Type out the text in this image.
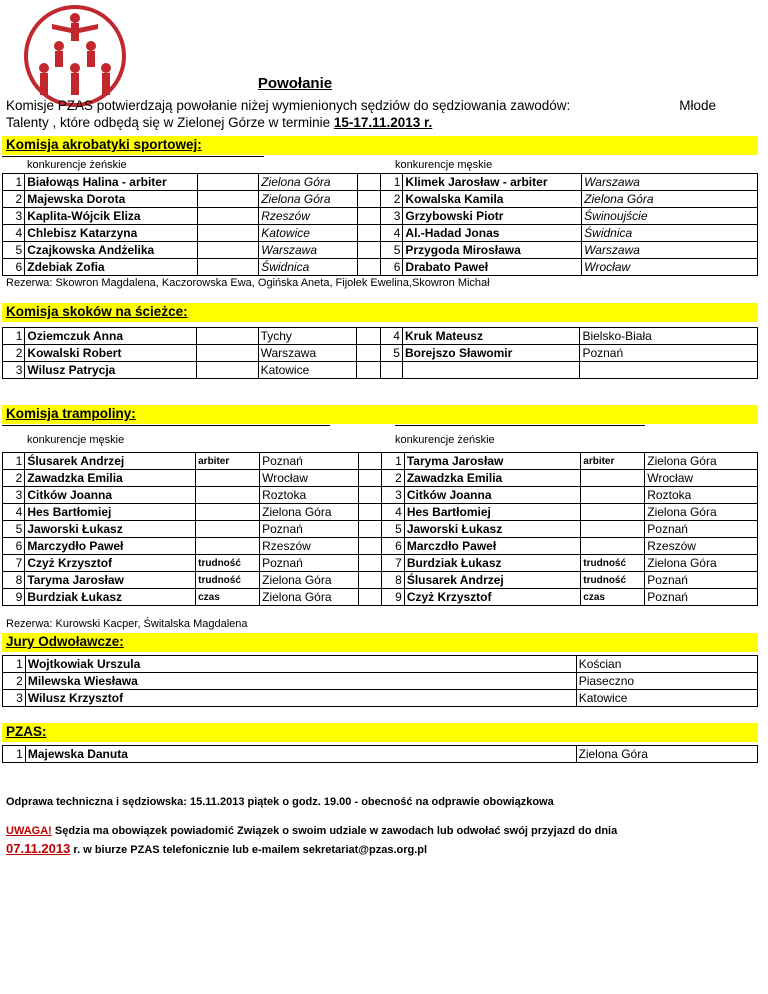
Powołanie
Komisje PZAS potwierdzają powołanie niżej wymienionych sędziów do sędziowania zawodów:	Młode

Talenty , które odbędą się w Zielonej Górze w terminie 15-17.11.2013 r.
Komisja akrobatyki sportowej:
konkurencje żeńskie	konkurencje męskie
1	Białowąs Halina - arbiter		Zielona Góra		1	Klimek Jarosław - arbiter	Warszawa
2	Majewska Dorota		Zielona Góra		2	Kowalska Kamila	Zielona Góra
3	Kaplita-Wójcik Eliza		Rzeszów		3	Grzybowski Piotr	Świnoujście
4	Chlebisz Katarzyna		Katowice		4	Al.-Hadad Jonas	Świdnica
5	Czajkowska Andżelika		Warszawa		5	Przygoda Mirosława	Warszawa
6	Zdebiak Zofia		Świdnica		6	Drabato Paweł	Wrocław
Rezerwa: Skowron Magdalena, Kaczorowska Ewa, Ogińska Aneta, Fijołek Ewelina,Skowron Michał
Komisja skoków na ścieżce:
1	Oziemczuk Anna		Tychy		4	Kruk Mateusz	Bielsko-Biała
2	Kowalski Robert		Warszawa		5	Borejszo Sławomir	Poznań
3	Wilusz Patrycja		Katowice				
Komisja trampoliny:
konkurencje męskie	konkurencje żeńskie
1	Ślusarek Andrzej	arbiter	Poznań		1	Taryma Jarosław	arbiter	Zielona Góra
2	Zawadzka Emilia		Wrocław		2	Zawadzka Emilia		Wrocław
3	Citków Joanna		Roztoka		3	Citków Joanna		Roztoka
4	Hes Bartłomiej		Zielona Góra		4	Hes Bartłomiej		Zielona Góra
5	Jaworski Łukasz		Poznań		5	Jaworski Łukasz		Poznań
6	Marczydło Paweł		Rzeszów		6	Marczdło Paweł		Rzeszów
7	Czyż Krzysztof	trudność	Poznań		7	Burdziak Łukasz	trudność	Zielona Góra
8	Taryma Jarosław	trudność	Zielona Góra		8	Ślusarek Andrzej	trudność	Poznań
9	Burdziak Łukasz	czas	Zielona Góra		9	Czyż Krzysztof	czas	Poznań
Rezerwa: Kurowski Kacper, Świtalska Magdalena
Jury Odwoławcze:
1	Wojtkowiak Urszula	Kościan
2	Milewska Wiesława	Piaseczno
3	Wilusz Krzysztof	Katowice
PZAS:
1	Majewska Danuta	Zielona Góra
Odprawa techniczna i sędziowska: 15.11.2013 piątek o godz. 19.00 - obecność na odprawie obowiązkowa
UWAGA! Sędzia ma obowiązek powiadomić Związek o swoim udziale w zawodach lub odwołać swój przyjazd do dnia
07.11.2013 r. w biurze PZAS telefonicznie lub e-mailem sekretariat@pzas.org.pl
